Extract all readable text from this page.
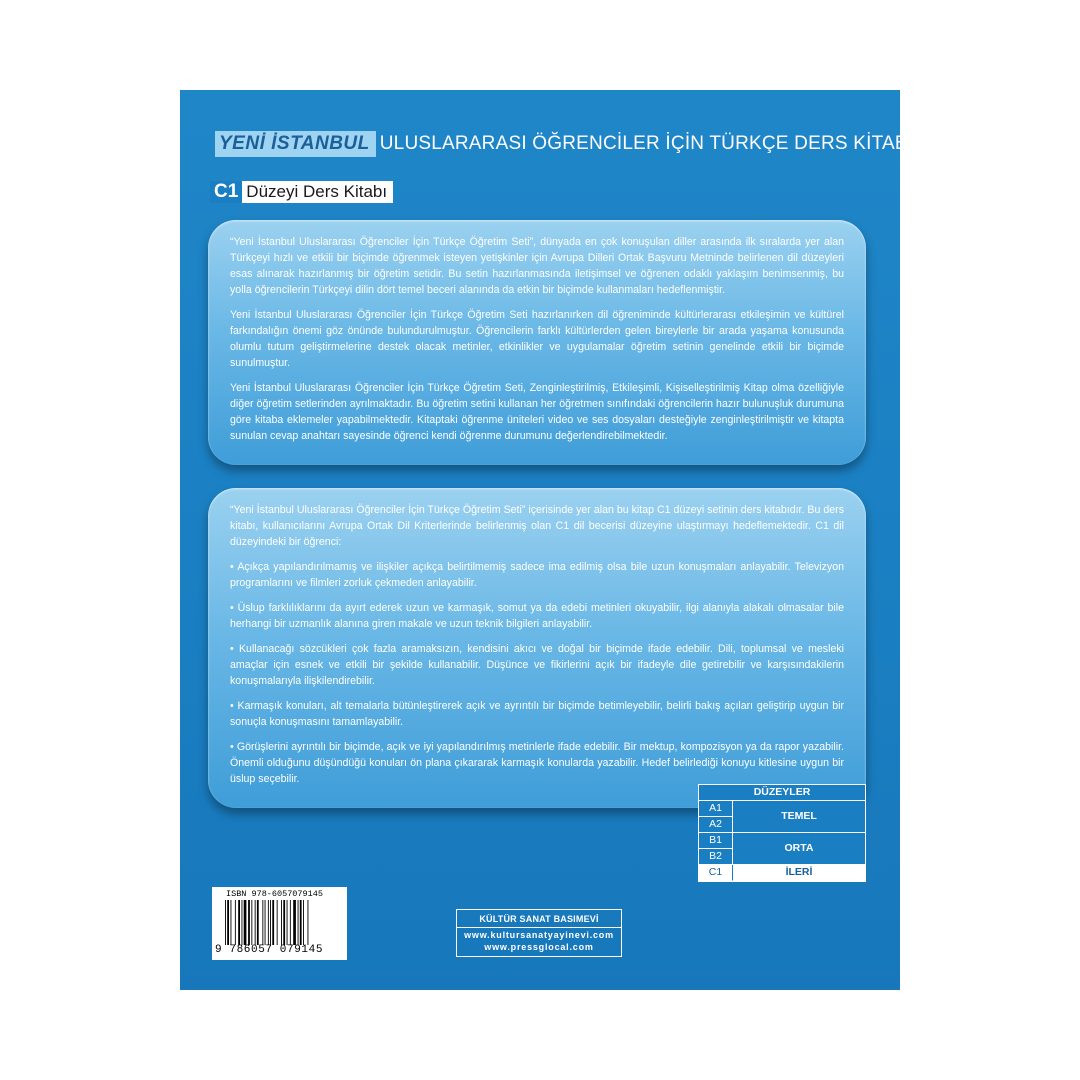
YENİ İSTANBUL ULUSLARARASI ÖĞRENCİLER İÇİN TÜRKÇE DERS KİTABI
C1 Düzeyi Ders Kitabı

“Yeni İstanbul Uluslararası Öğrenciler İçin Türkçe Öğretim Seti”, dünyada en çok konuşulan diller arasında ilk sıralarda yer alan Türkçeyi hızlı ve etkili bir biçimde öğrenmek isteyen yetişkinler için Avrupa Dilleri Ortak Başvuru Metninde belirlenen dil düzeyleri esas alınarak hazırlanmış bir öğretim setidir. Bu setin hazırlanmasında iletişimsel ve öğrenen odaklı yaklaşım benimsenmiş, bu yolla öğrencilerin Türkçeyi dilin dört temel beceri alanında da etkin bir biçimde kullanmaları hedeflenmiştir.

Yeni İstanbul Uluslararası Öğrenciler İçin Türkçe Öğretim Seti hazırlanırken dil öğreniminde kültürlerarası etkileşimin ve kültürel farkındalığın önemi göz önünde bulundurulmuştur. Öğrencilerin farklı kültürlerden gelen bireylerle bir arada yaşama konusunda olumlu tutum geliştirmelerine destek olacak metinler, etkinlikler ve uygulamalar öğretim setinin genelinde etkili bir biçimde sunulmuştur.

Yeni İstanbul Uluslararası Öğrenciler İçin Türkçe Öğretim Seti, Zenginleştirilmiş, Etkileşimli, Kişiselleştirilmiş Kitap olma özelliğiyle diğer öğretim setlerinden ayrılmaktadır. Bu öğretim setini kullanan her öğretmen sınıfındaki öğrencilerin hazır bulunuşluk durumuna göre kitaba eklemeler yapabilmektedir. Kitaptaki öğrenme üniteleri video ve ses dosyaları desteğiyle zenginleştirilmiştir ve kitapta sunulan cevap anahtarı sayesinde öğrenci kendi öğrenme durumunu değerlendirebilmektedir.

“Yeni İstanbul Uluslararası Öğrenciler İçin Türkçe Öğretim Seti” içerisinde yer alan bu kitap C1 düzeyi setinin ders kitabıdır. Bu ders kitabı, kullanıcılarını Avrupa Ortak Dil Kriterlerinde belirlenmiş olan C1 dil becerisi düzeyine ulaştırmayı hedeflemektedir. C1 dil düzeyindeki bir öğrenci:

• Açıkça yapılandırılmamış ve ilişkiler açıkça belirtilmemiş sadece ima edilmiş olsa bile uzun konuşmaları anlayabilir. Televizyon programlarını ve filmleri zorluk çekmeden anlayabilir.

• Üslup farklılıklarını da ayırt ederek uzun ve karmaşık, somut ya da edebi metinleri okuyabilir, ilgi alanıyla alakalı olmasalar bile herhangi bir uzmanlık alanına giren makale ve uzun teknik bilgileri anlayabilir.

• Kullanacağı sözcükleri çok fazla aramaksızın, kendisini akıcı ve doğal bir biçimde ifade edebilir. Dili, toplumsal ve mesleki amaçlar için esnek ve etkili bir şekilde kullanabilir. Düşünce ve fikirlerini açık bir ifadeyle dile getirebilir ve karşısındakilerin konuşmalarıyla ilişkilendirebilir.

• Karmaşık konuları, alt temalarla bütünleştirerek açık ve ayrıntılı bir biçimde betimleyebilir, belirli bakış açıları geliştirip uygun bir sonuçla konuşmasını tamamlayabilir.

• Görüşlerini ayrıntılı bir biçimde, açık ve iyi yapılandırılmış metinlerle ifade edebilir. Bir mektup, kompozisyon ya da rapor yazabilir. Önemli olduğunu düşündüğü konuları ön plana çıkararak karmaşık konularda yazabilir. Hedef belirlediği konuyu kitlesine uygun bir üslup seçebilir.

DÜZEYLER
A1
TEMEL
A2
B1
ORTA
B2
C1	İLERİ
ISBN 978-6057079145
9 786057 079145
KÜLTÜR SANAT BASIMEVİ
www.kultursanatyayinevi.com
www.pressglocal.com
